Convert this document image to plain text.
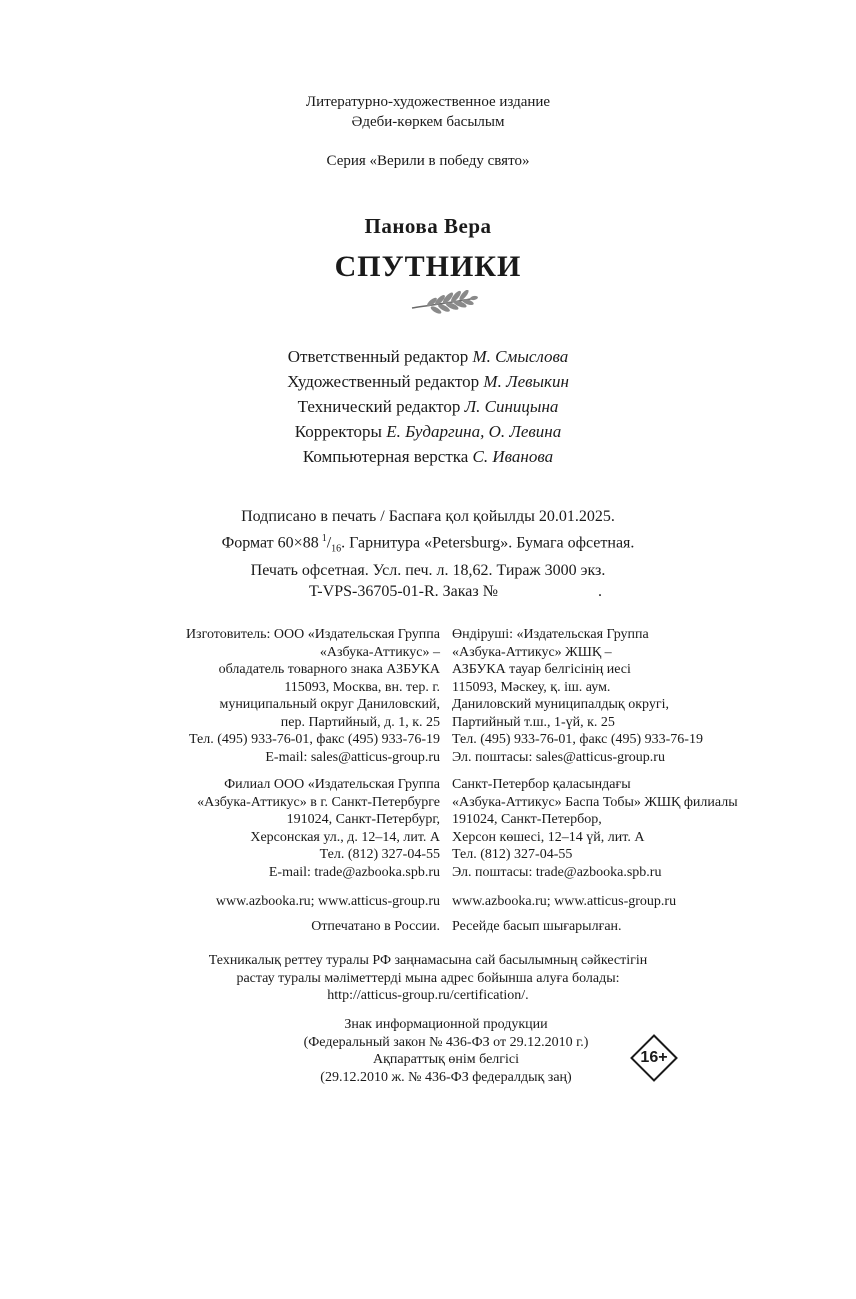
Литературно-художественное издание
Әдеби-көркем басылым
Серия «Верили в победу свято»
Панова Вера
СПУТНИКИ
Ответственный редактор М. Смыслова
Художественный редактор М. Левыкин
Технический редактор Л. Синицына
Корректоры Е. Бударгина, О. Левина
Компьютерная верстка С. Иванова
Подписано в печать / Баспаға қол қойылды 20.01.2025.
Формат 60×88 $^1/_{16}$. Гарнитура «Petersburg». Бумага офсетная.
Печать офсетная. Усл. печ. л. 18,62. Тираж 3000 экз.
T-VPS-36705-01-R. Заказ №	.
Изготовитель: ООО «Издательская Группа
«Азбука-Аттикус» –
обладатель товарного знака АЗБУКА
115093, Москва, вн. тер. г.
муниципальный округ Даниловский,
пер. Партийный, д. 1, к. 25
Тел. (495) 933-76-01, факс (495) 933-76-19
E-mail: sales@atticus-group.ru
Өндіруші: «Издательская Группа
«Азбука-Аттикус» ЖШҚ –
АЗБУКА тауар белгісінің иесі
115093, Мәскеу, қ. іш. аум.
Даниловский муниципалдық округі,
Партийный т.ш., 1-үй, к. 25
Тел. (495) 933-76-01, факс (495) 933-76-19
Эл. поштасы: sales@atticus-group.ru
Филиал ООО «Издательская Группа
«Азбука-Аттикус» в г. Санкт-Петербурге
191024, Санкт-Петербург,
Херсонская ул., д. 12–14, лит. А
Тел. (812) 327-04-55
E-mail: trade@azbooka.spb.ru
Санкт-Петербор қаласындағы
«Азбука-Аттикус» Баспа Тобы» ЖШҚ филиалы
191024, Санкт-Петербор,
Херсон көшесі, 12–14 үй, лит. А
Тел. (812) 327-04-55
Эл. поштасы: trade@azbooka.spb.ru
www.azbooka.ru; www.atticus-group.ru www.azbooka.ru; www.atticus-group.ru
Отпечатано в России. Ресейде басып шығарылған.
Техникалық реттеу туралы РФ заңнамасына сай басылымның сәйкестігін
растау туралы мәліметтерді мына адрес бойынша алуға болады:
http://atticus-group.ru/certification/.
Знак информационной продукции
(Федеральный закон № 436-ФЗ от 29.12.2010 г.)
Ақпараттық өнім белгісі
(29.12.2010 ж. № 436-ФЗ федералдық заң)
16+
